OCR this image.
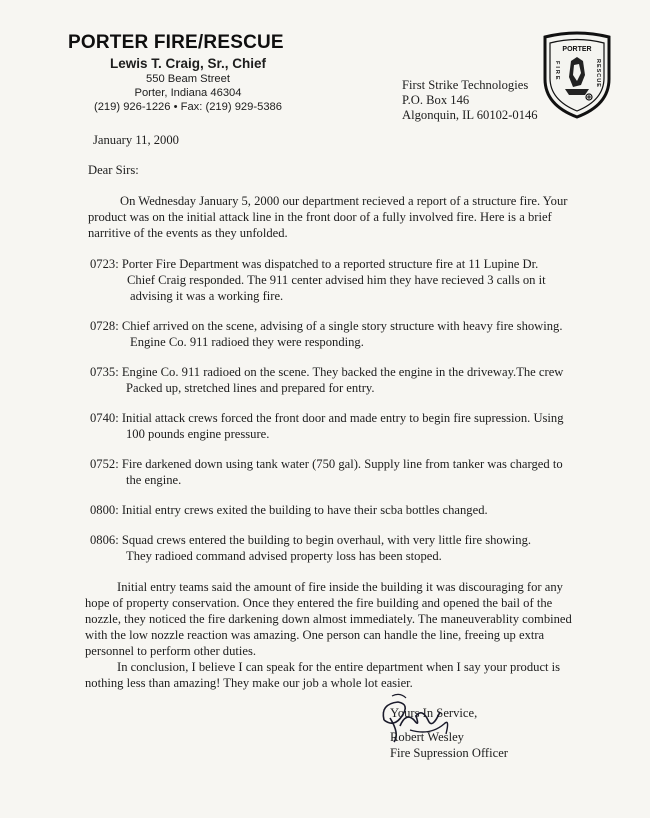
PORTER FIRE/RESCUE
Lewis T. Craig, Sr., Chief
550 Beam Street
Porter, Indiana 46304
(219) 926-1226 • Fax: (219) 929-5386
PORTER
FIRE	RESCUE
First Strike Technologies
P.O. Box 146
Algonquin, IL 60102-0146
January 11, 2000
Dear Sirs:
On Wednesday January 5, 2000 our department recieved a report of a structure fire. Your
product was on the initial attack line in the front door of a fully involved fire. Here is a brief
narritive of the events as they unfolded.
0723: Porter Fire Department was dispatched to a reported structure fire at 11 Lupine Dr.
Chief Craig responded. The 911 center advised him they have recieved 3 calls on it
advising it was a working fire.
0728: Chief arrived on the scene, advising of a single story structure with heavy fire showing.
Engine Co. 911 radioed they were responding.
0735: Engine Co. 911 radioed on the scene. They backed the engine in the driveway.The crew
Packed up, stretched lines and prepared for entry.
0740: Initial attack crews forced the front door and made entry to begin fire supression. Using
100 pounds engine pressure.
0752: Fire darkened down using tank water (750 gal). Supply line from tanker was charged to
the engine.
0800: Initial entry crews exited the building to have their scba bottles changed.
0806: Squad crews entered the building to begin overhaul, with very little fire showing.
They radioed command advised property loss has been stoped.
Initial entry teams said the amount of fire inside the building it was discouraging for any
hope of property conservation. Once they entered the fire building and opened the bail of the
nozzle, they noticed the fire darkening down almost immediately. The maneuverablity combined
with the low nozzle reaction was amazing. One person can handle the line, freeing up extra
personnel to perform other duties.
In conclusion, I believe I can speak for the entire department when I say your product is
nothing less than amazing! They make our job a whole lot easier.
Yours In Service,
Robert Wesley
Fire Supression Officer
